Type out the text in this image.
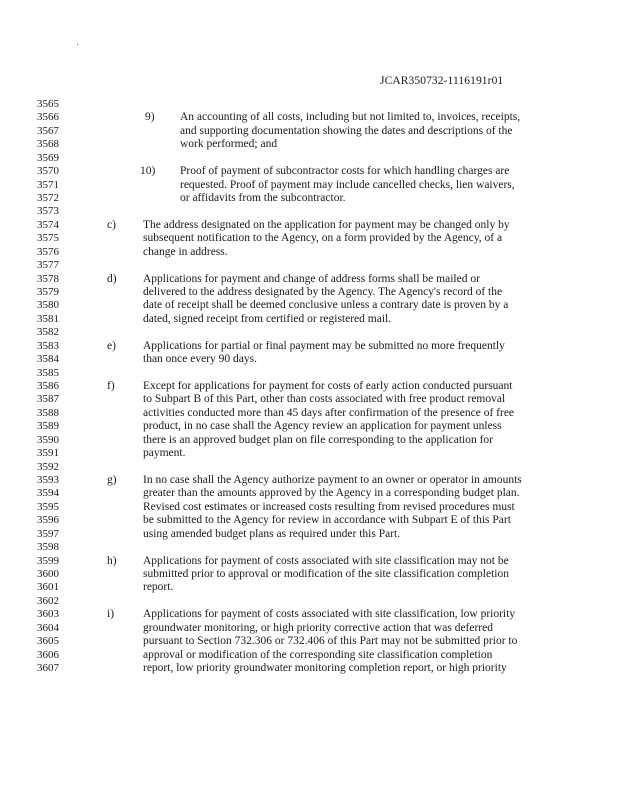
JCAR350732-1116191r01
3565
3566
3567
3568
3569
3570
3571
3572
3573
3574
3575
3576
3577
3578
3579
3580
3581
3582
3583
3584
3585
3586
3587
3588
3589
3590
3591
3592
3593
3594
3595
3596
3597
3598
3599
3600
3601
3602
3603
3604
3605
3606
3607
9) An accounting of all costs, including but not limited to, invoices, receipts,
and supporting documentation showing the dates and descriptions of the
work performed; and
10) Proof of payment of subcontractor costs for which handling charges are
requested. Proof of payment may include cancelled checks, lien waivers,
or affidavits from the subcontractor.
c) The address designated on the application for payment may be changed only by
subsequent notification to the Agency, on a form provided by the Agency, of a
change in address.
d) Applications for payment and change of address forms shall be mailed or
delivered to the address designated by the Agency. The Agency's record of the
date of receipt shall be deemed conclusive unless a contrary date is proven by a
dated, signed receipt from certified or registered mail.
e) Applications for partial or final payment may be submitted no more frequently
than once every 90 days.
f) Except for applications for payment for costs of early action conducted pursuant
to Subpart B of this Part, other than costs associated with free product removal
activities conducted more than 45 days after confirmation of the presence of free
product, in no case shall the Agency review an application for payment unless
there is an approved budget plan on file corresponding to the application for
payment.
g) In no case shall the Agency authorize payment to an owner or operator in amounts
greater than the amounts approved by the Agency in a corresponding budget plan.
Revised cost estimates or increased costs resulting from revised procedures must
be submitted to the Agency for review in accordance with Subpart E of this Part
using amended budget plans as required under this Part.
h) Applications for payment of costs associated with site classification may not be
submitted prior to approval or modification of the site classification completion
report.
i)	Applications for payment of costs associated with site classification, low priority
groundwater monitoring, or high priority corrective action that was deferred
pursuant to Section 732.306 or 732.406 of this Part may not be submitted prior to
approval or modification of the corresponding site classification completion
report, low priority groundwater monitoring completion report, or high priority
